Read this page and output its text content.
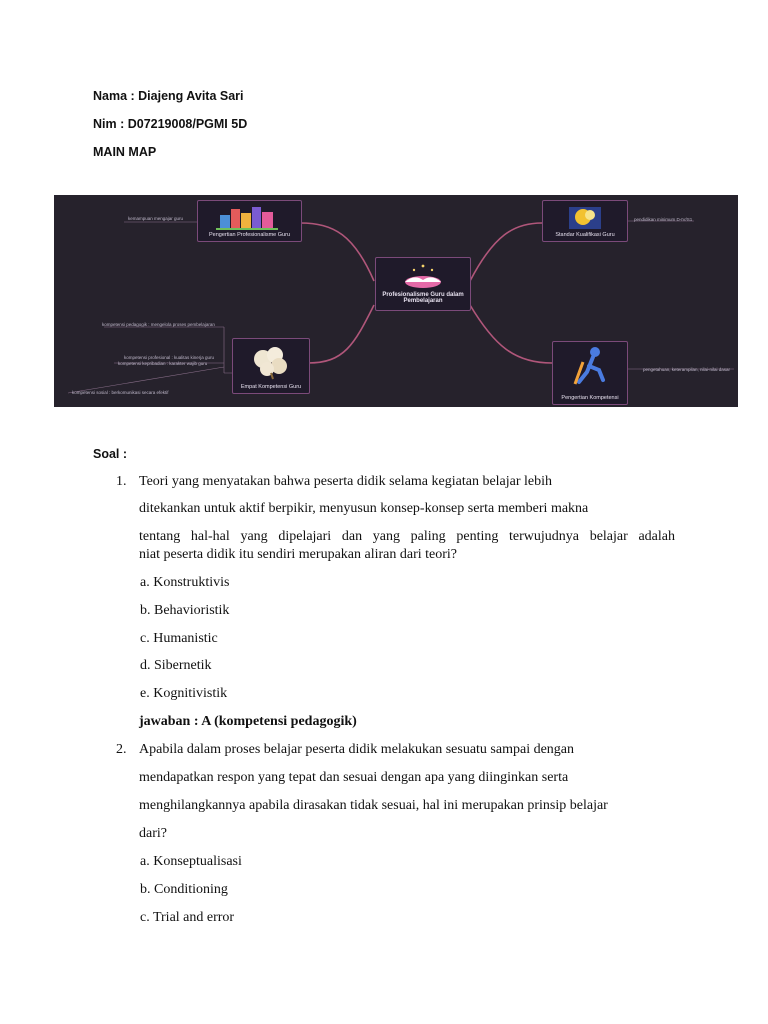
Nama : Diajeng Avita Sari
Nim : D07219008/PGMI 5D
MAIN MAP
kemampuan mengajar guru	pendidikan minimum D-IV/S1
kompetensi pedagogik : mengelola proses pembelajaran
kompetensi profesional : kualitas kinerja guru
kompetensi kepribadian : karakter wajib guru
kompetensi sosial : berkomunikasi secara efektif
pengetahuan, keterampilan, nilai-nilai dasar
Profesionalisme Guru dalam Pembelajaran
Pengertian Profesionalisme Guru	Standar Kualifikasi Guru
Empat Kompetensi Guru
Pengertian Kompetensi
Soal :
1. Teori yang menyatakan bahwa peserta didik selama kegiatan belajar lebih
ditekankan untuk aktif berpikir, menyusun konsep-konsep serta memberi makna
tentang hal-hal yang dipelajari dan yang paling penting terwujudnya belajar adalah
niat peserta didik itu sendiri merupakan aliran dari teori?
a. Konstruktivis
b. Behavioristik
c. Humanistic
d. Sibernetik
e. Kognitivistik
jawaban : A (kompetensi pedagogik)
2. Apabila dalam proses belajar peserta didik melakukan sesuatu sampai dengan
mendapatkan respon yang tepat dan sesuai dengan apa yang diinginkan serta
menghilangkannya apabila dirasakan tidak sesuai, hal ini merupakan prinsip belajar
dari?
a. Konseptualisasi
b. Conditioning
c. Trial and error
